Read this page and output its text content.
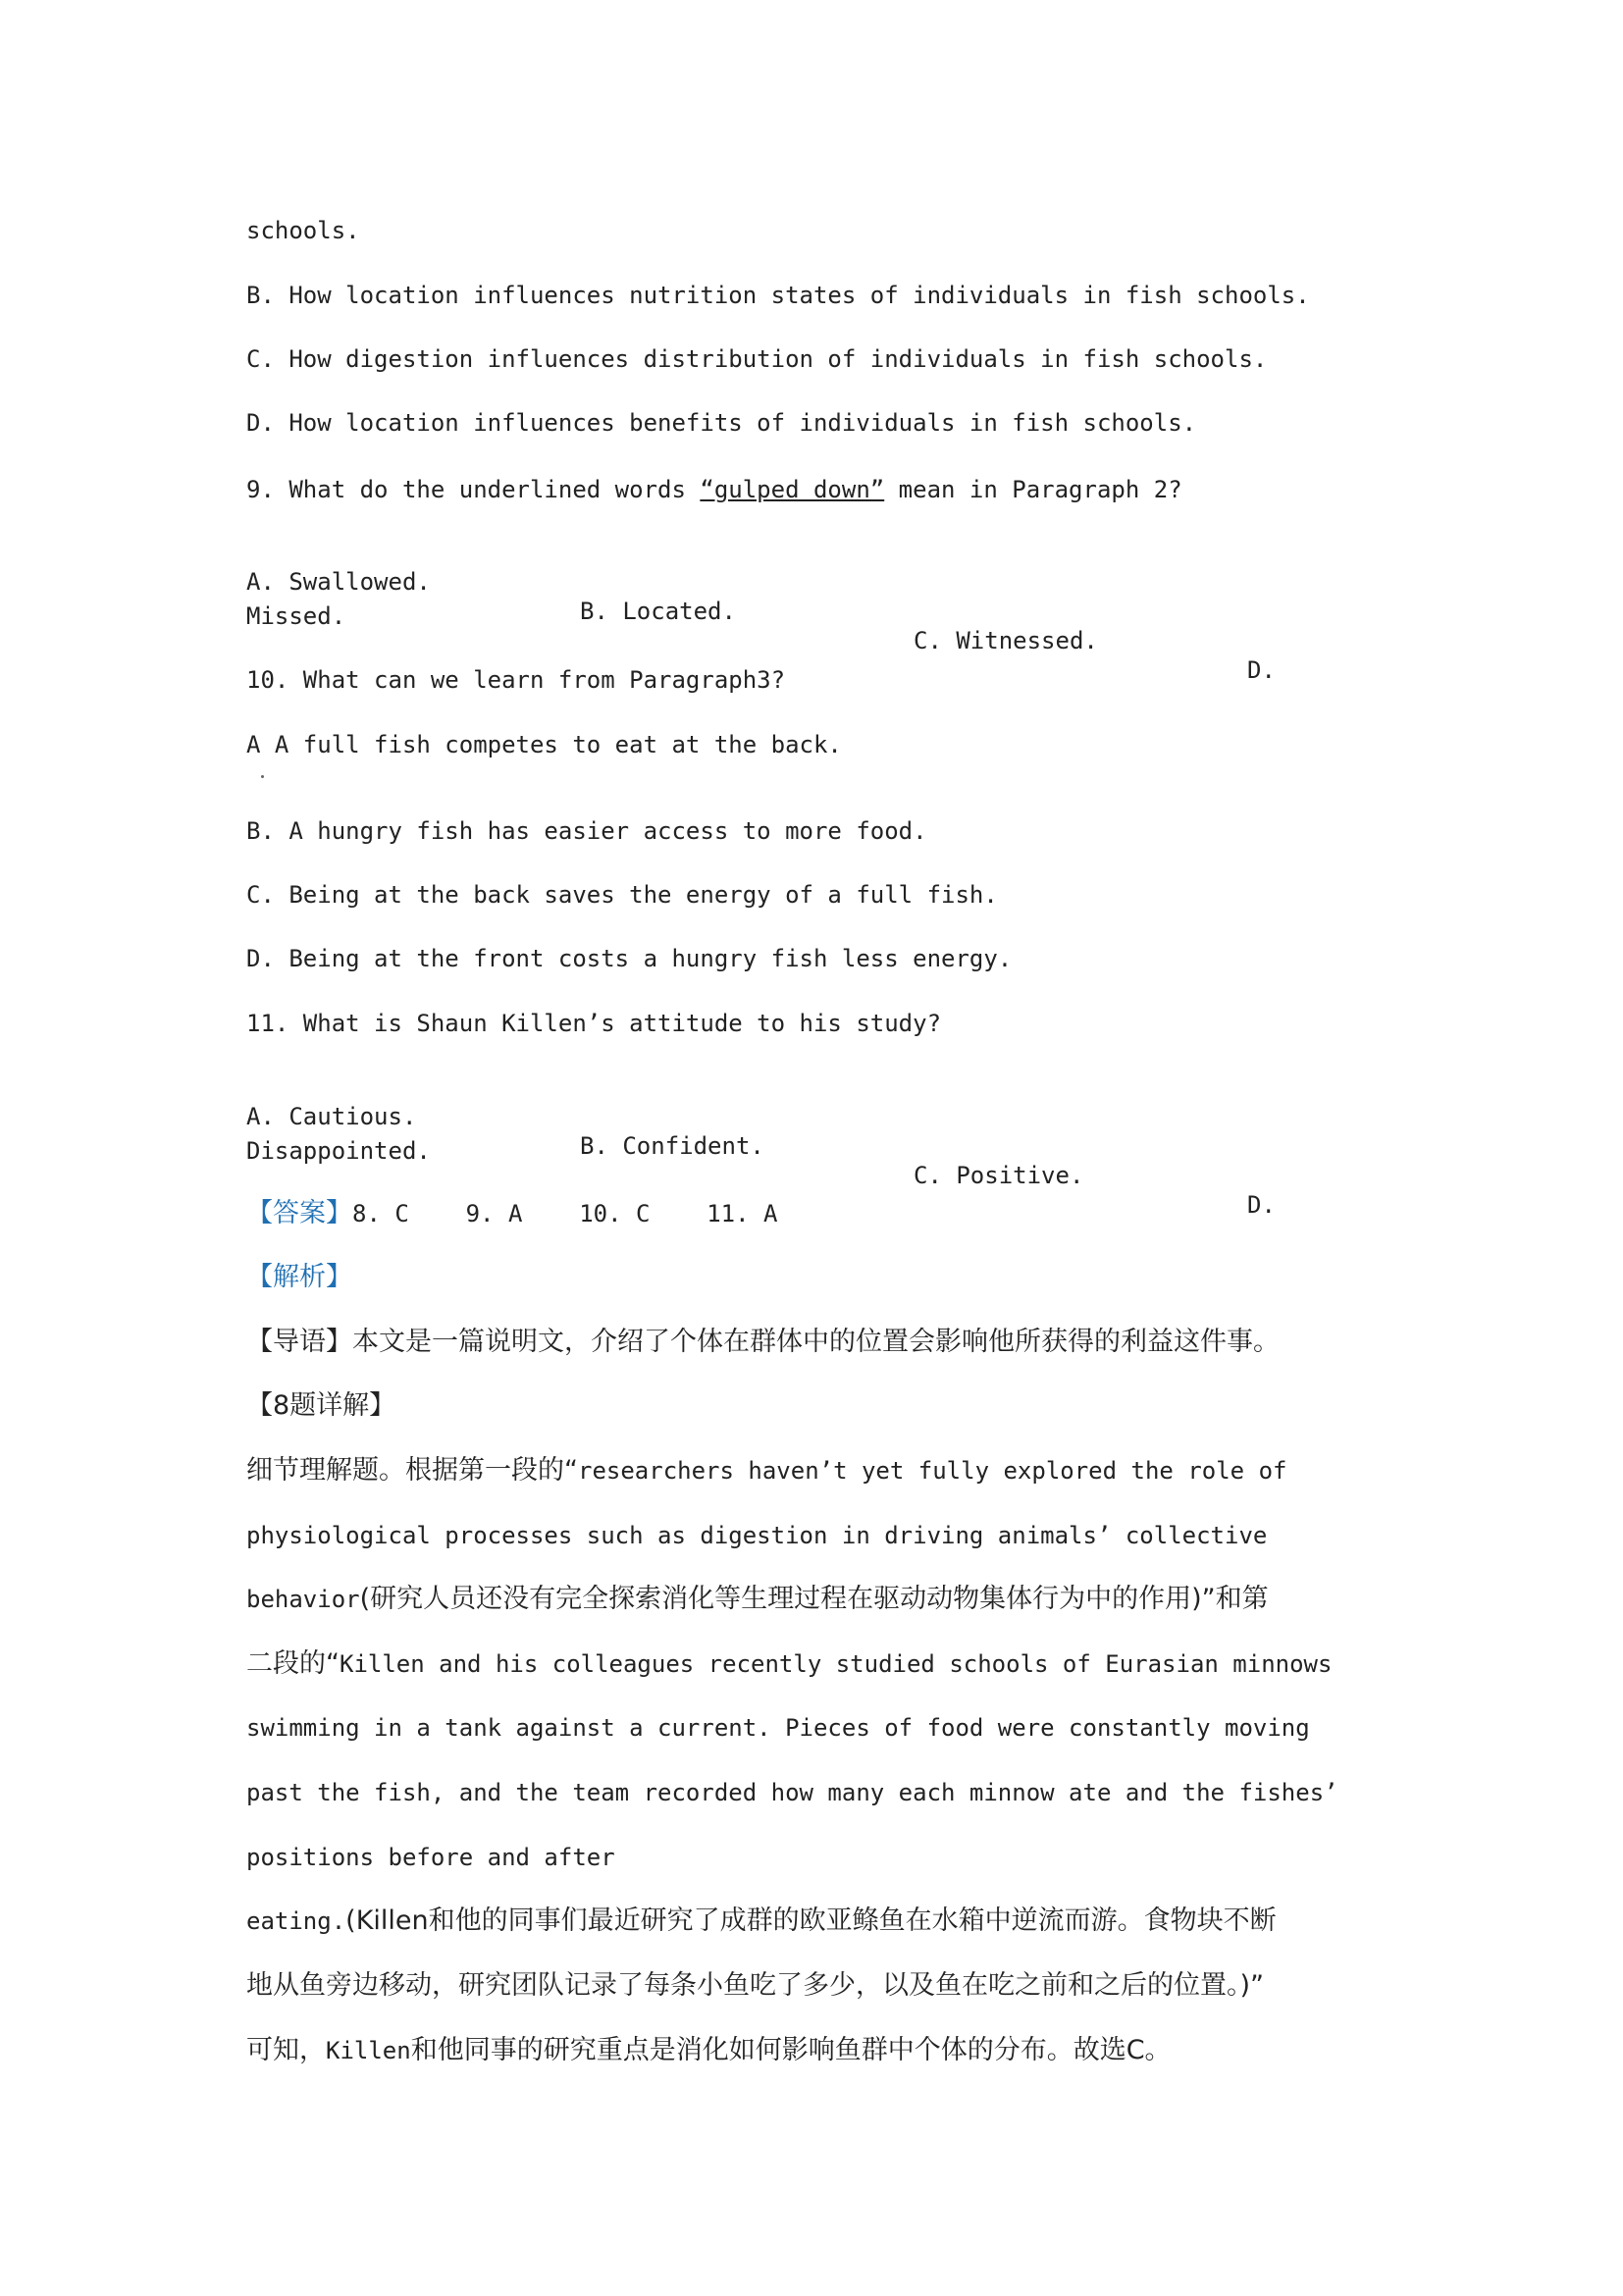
schools.
B. How location influences nutrition states of individuals in fish schools.
C. How digestion influences distribution of individuals in fish schools.
D. How location influences benefits of individuals in fish schools.
9. What do the underlined words “gulped down” mean in Paragraph 2?

A. Swallowed.

B. Located.

C. Witnessed.

D.

Missed.
10. What can we learn from Paragraph3?
A A full fish competes to eat at the back.
B. A hungry fish has easier access to more food.
C. Being at the back saves the energy of a full fish.
D. Being at the front costs a hungry fish less energy.
11. What is Shaun Killen’s attitude to his study?

A. Cautious.

B. Confident.

C. Positive.

D.

Disappointed.
【答案】8. C    9. A    10. C    11. A
【解析】
【导语】本文是一篇说明文，介绍了个体在群体中的位置会影响他所获得的利益这件事。
【8题详解】
细节理解题。根据第一段的“researchers haven’t yet fully explored the role of
physiological processes such as digestion in driving animals’ collective
behavior(研究人员还没有完全探索消化等生理过程在驱动动物集体行为中的作用)”和第
二段的“Killen and his colleagues recently studied schools of Eurasian minnows
swimming in a tank against a current. Pieces of food were constantly moving
past the fish, and the team recorded how many each minnow ate and the fishes’
positions before and after
eating.(Killen和他的同事们最近研究了成群的欧亚鲦鱼在水箱中逆流而游。食物块不断
地从鱼旁边移动，研究团队记录了每条小鱼吃了多少，以及鱼在吃之前和之后的位置。)”
可知，Killen和他同事的研究重点是消化如何影响鱼群中个体的分布。故选C。
